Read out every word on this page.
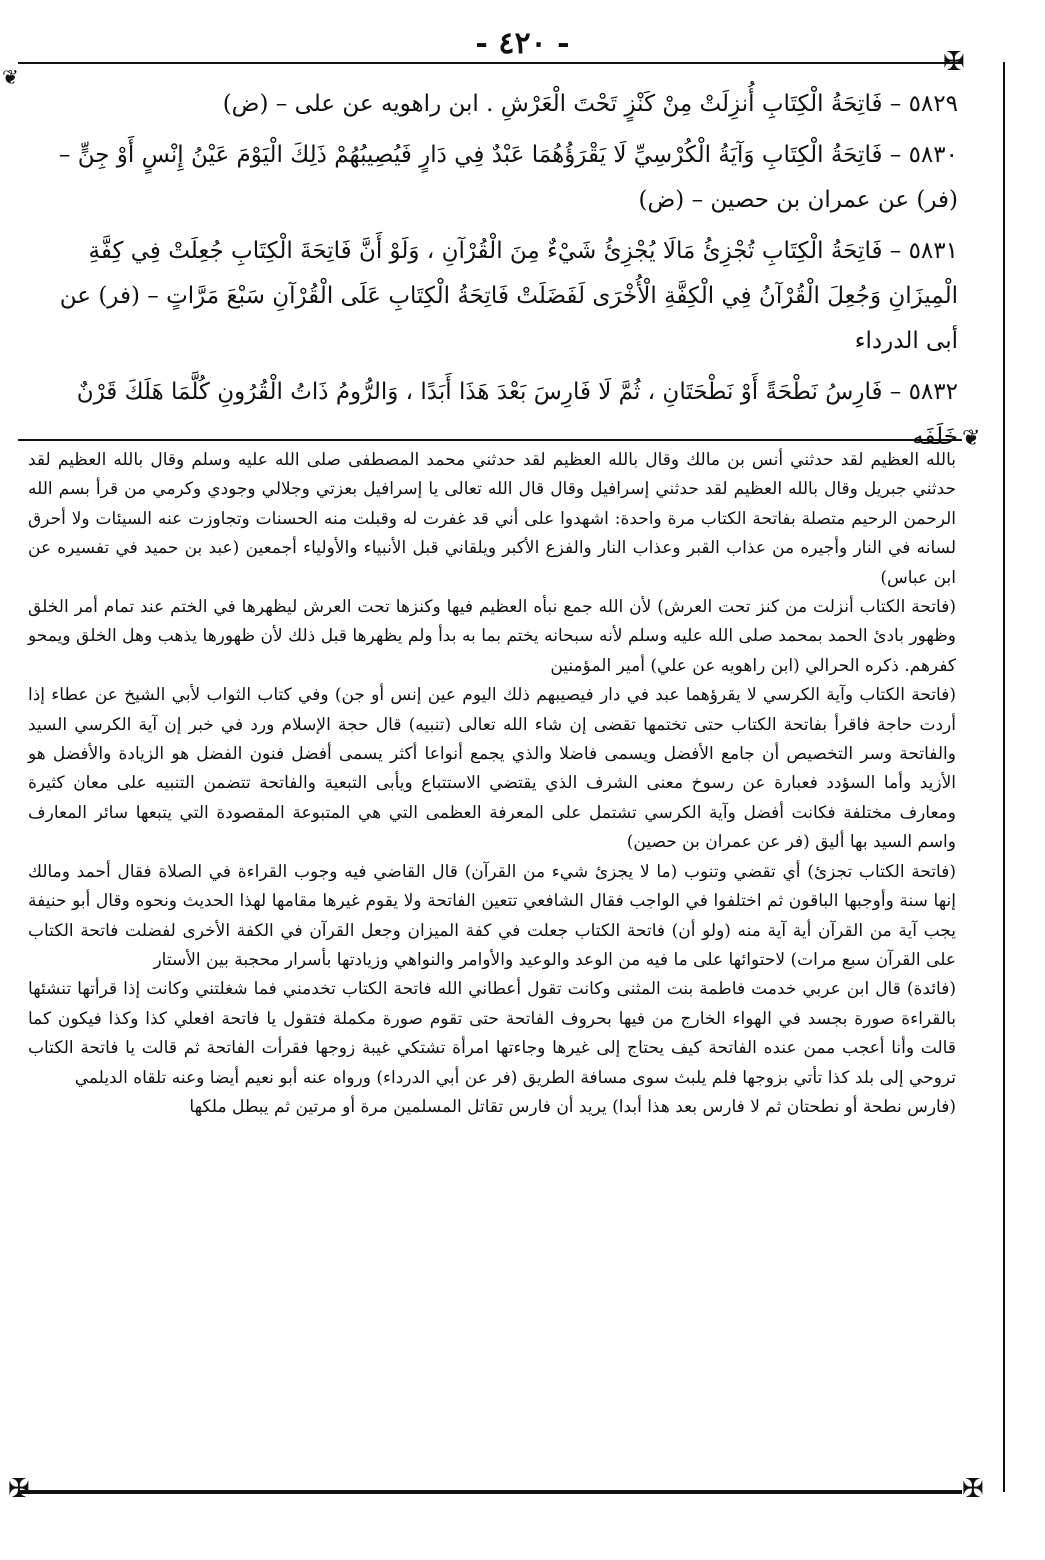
- ٤٢٠ -
✠
❦
❦
✠	✠

٥٨٢٩ – فَاتِحَةُ الْكِتَابِ أُنزِلَتْ مِنْ كَنْزٍ تَحْتَ الْعَرْشِ . ابن راهويه عن على – (ض)

٥٨٣٠ – فَاتِحَةُ الْكِتَابِ وَآيَةُ الْكُرْسِيِّ لَا يَقْرَؤُهُمَا عَبْدٌ فِي دَارٍ فَيُصِيبُهُمْ ذَلِكَ الْيَوْمَ عَيْنُ إِنْسٍ أَوْ جِنٍّ – (فر) عن عمران بن حصين – (ض)

٥٨٣١ – فَاتِحَةُ الْكِتَابِ تُجْزِئُ مَالَا يُجْزِئُ شَيْءٌ مِنَ الْقُرْآنِ ، وَلَوْ أَنَّ فَاتِحَةَ الْكِتَابِ جُعِلَتْ فِي كِفَّةِ الْمِيزَانِ وَجُعِلَ الْقُرْآنُ فِي الْكِفَّةِ الْأُخْرَى لَفَضَلَتْ فَاتِحَةُ الْكِتَابِ عَلَى الْقُرْآنِ سَبْعَ مَرَّاتٍ – (فر) عن أبى الدرداء

٥٨٣٢ – فَارِسُ نَطْحَةً أَوْ نَطْحَتَانِ ، ثُمَّ لَا فَارِسَ بَعْدَ هَذَا أَبَدًا ، وَالرُّومُ ذَاتُ الْقُرُونِ كُلَّمَا هَلَكَ قَرْنٌ خَلَفَه

بالله العظيم لقد حدثني أنس بن مالك وقال بالله العظيم لقد حدثني محمد المصطفى صلى الله عليه وسلم وقال بالله العظيم لقد حدثني جبريل وقال بالله العظيم لقد حدثني إسرافيل وقال قال الله تعالى يا إسرافيل بعزتي وجلالي وجودي وكرمي من قرأ بسم الله الرحمن الرحيم متصلة بفاتحة الكتاب مرة واحدة: اشهدوا على أني قد غفرت له وقبلت منه الحسنات وتجاوزت عنه السيئات ولا أحرق لسانه في النار وأجيره من عذاب القبر وعذاب النار والفزع الأكبر ويلقاني قبل الأنبياء والأولياء أجمعين (عبد بن حميد في تفسيره عن ابن عباس)

(فاتحة الكتاب أنزلت من كنز تحت العرش) لأن الله جمع نبأه العظيم فيها وكنزها تحت العرش ليظهرها في الختم عند تمام أمر الخلق وظهور بادئ الحمد بمحمد صلى الله عليه وسلم لأنه سبحانه يختم بما به بدأ ولم يظهرها قبل ذلك لأن ظهورها يذهب وهل الخلق ويمحو كفرهم. ذكره الحرالي (ابن راهويه عن علي) أمير المؤمنين

(فاتحة الكتاب وآية الكرسي لا يقرؤهما عبد في دار فيصيبهم ذلك اليوم عين إنس أو جن) وفي كتاب الثواب لأبي الشيخ عن عطاء إذا أردت حاجة فاقرأ بفاتحة الكتاب حتى تختمها تقضى إن شاء الله تعالى (تنبيه) قال حجة الإسلام ورد في خبر إن آية الكرسي السيد والفاتحة وسر التخصيص أن جامع الأفضل ويسمى فاضلا والذي يجمع أنواعا أكثر يسمى أفضل فنون الفضل هو الزيادة والأفضل هو الأزيد وأما السؤدد فعبارة عن رسوخ معنى الشرف الذي يقتضي الاستتباع ويأبى التبعية والفاتحة تتضمن التنبيه على معان كثيرة ومعارف مختلفة فكانت أفضل وآية الكرسي تشتمل على المعرفة العظمى التي هي المتبوعة المقصودة التي يتبعها سائر المعارف واسم السيد بها أليق (فر عن عمران بن حصين)

(فاتحة الكتاب تجزئ) أي تقضي وتنوب (ما لا يجزئ شيء من القرآن) قال القاضي فيه وجوب القراءة في الصلاة فقال أحمد ومالك إنها سنة وأوجبها الباقون ثم اختلفوا في الواجب فقال الشافعي تتعين الفاتحة ولا يقوم غيرها مقامها لهذا الحديث ونحوه وقال أبو حنيفة يجب آية من القرآن أية آية منه (ولو أن) فاتحة الكتاب جعلت في كفة الميزان وجعل القرآن في الكفة الأخرى لفضلت فاتحة الكتاب على القرآن سبع مرات) لاحتوائها على ما فيه من الوعد والوعيد والأوامر والنواهي وزيادتها بأسرار محجبة بين الأستار

(فائدة) قال ابن عربي خدمت فاطمة بنت المثنى وكانت تقول أعطاني الله فاتحة الكتاب تخدمني فما شغلتني وكانت إذا قرأتها تنشئها بالقراءة صورة بجسد في الهواء الخارج من فيها بحروف الفاتحة حتى تقوم صورة مكملة فتقول يا فاتحة افعلي كذا وكذا فيكون كما قالت وأنا أعجب ممن عنده الفاتحة كيف يحتاج إلى غيرها وجاءتها امرأة تشتكي غيبة زوجها فقرأت الفاتحة ثم قالت يا فاتحة الكتاب تروحي إلى بلد كذا تأتي بزوجها فلم يلبث سوى مسافة الطريق (فر عن أبي الدرداء) ورواه عنه أبو نعيم أيضا وعنه تلقاه الديلمي

(فارس نطحة أو نطحتان ثم لا فارس بعد هذا أبدا) يريد أن فارس تقاتل المسلمين مرة أو مرتين ثم يبطل ملكها
